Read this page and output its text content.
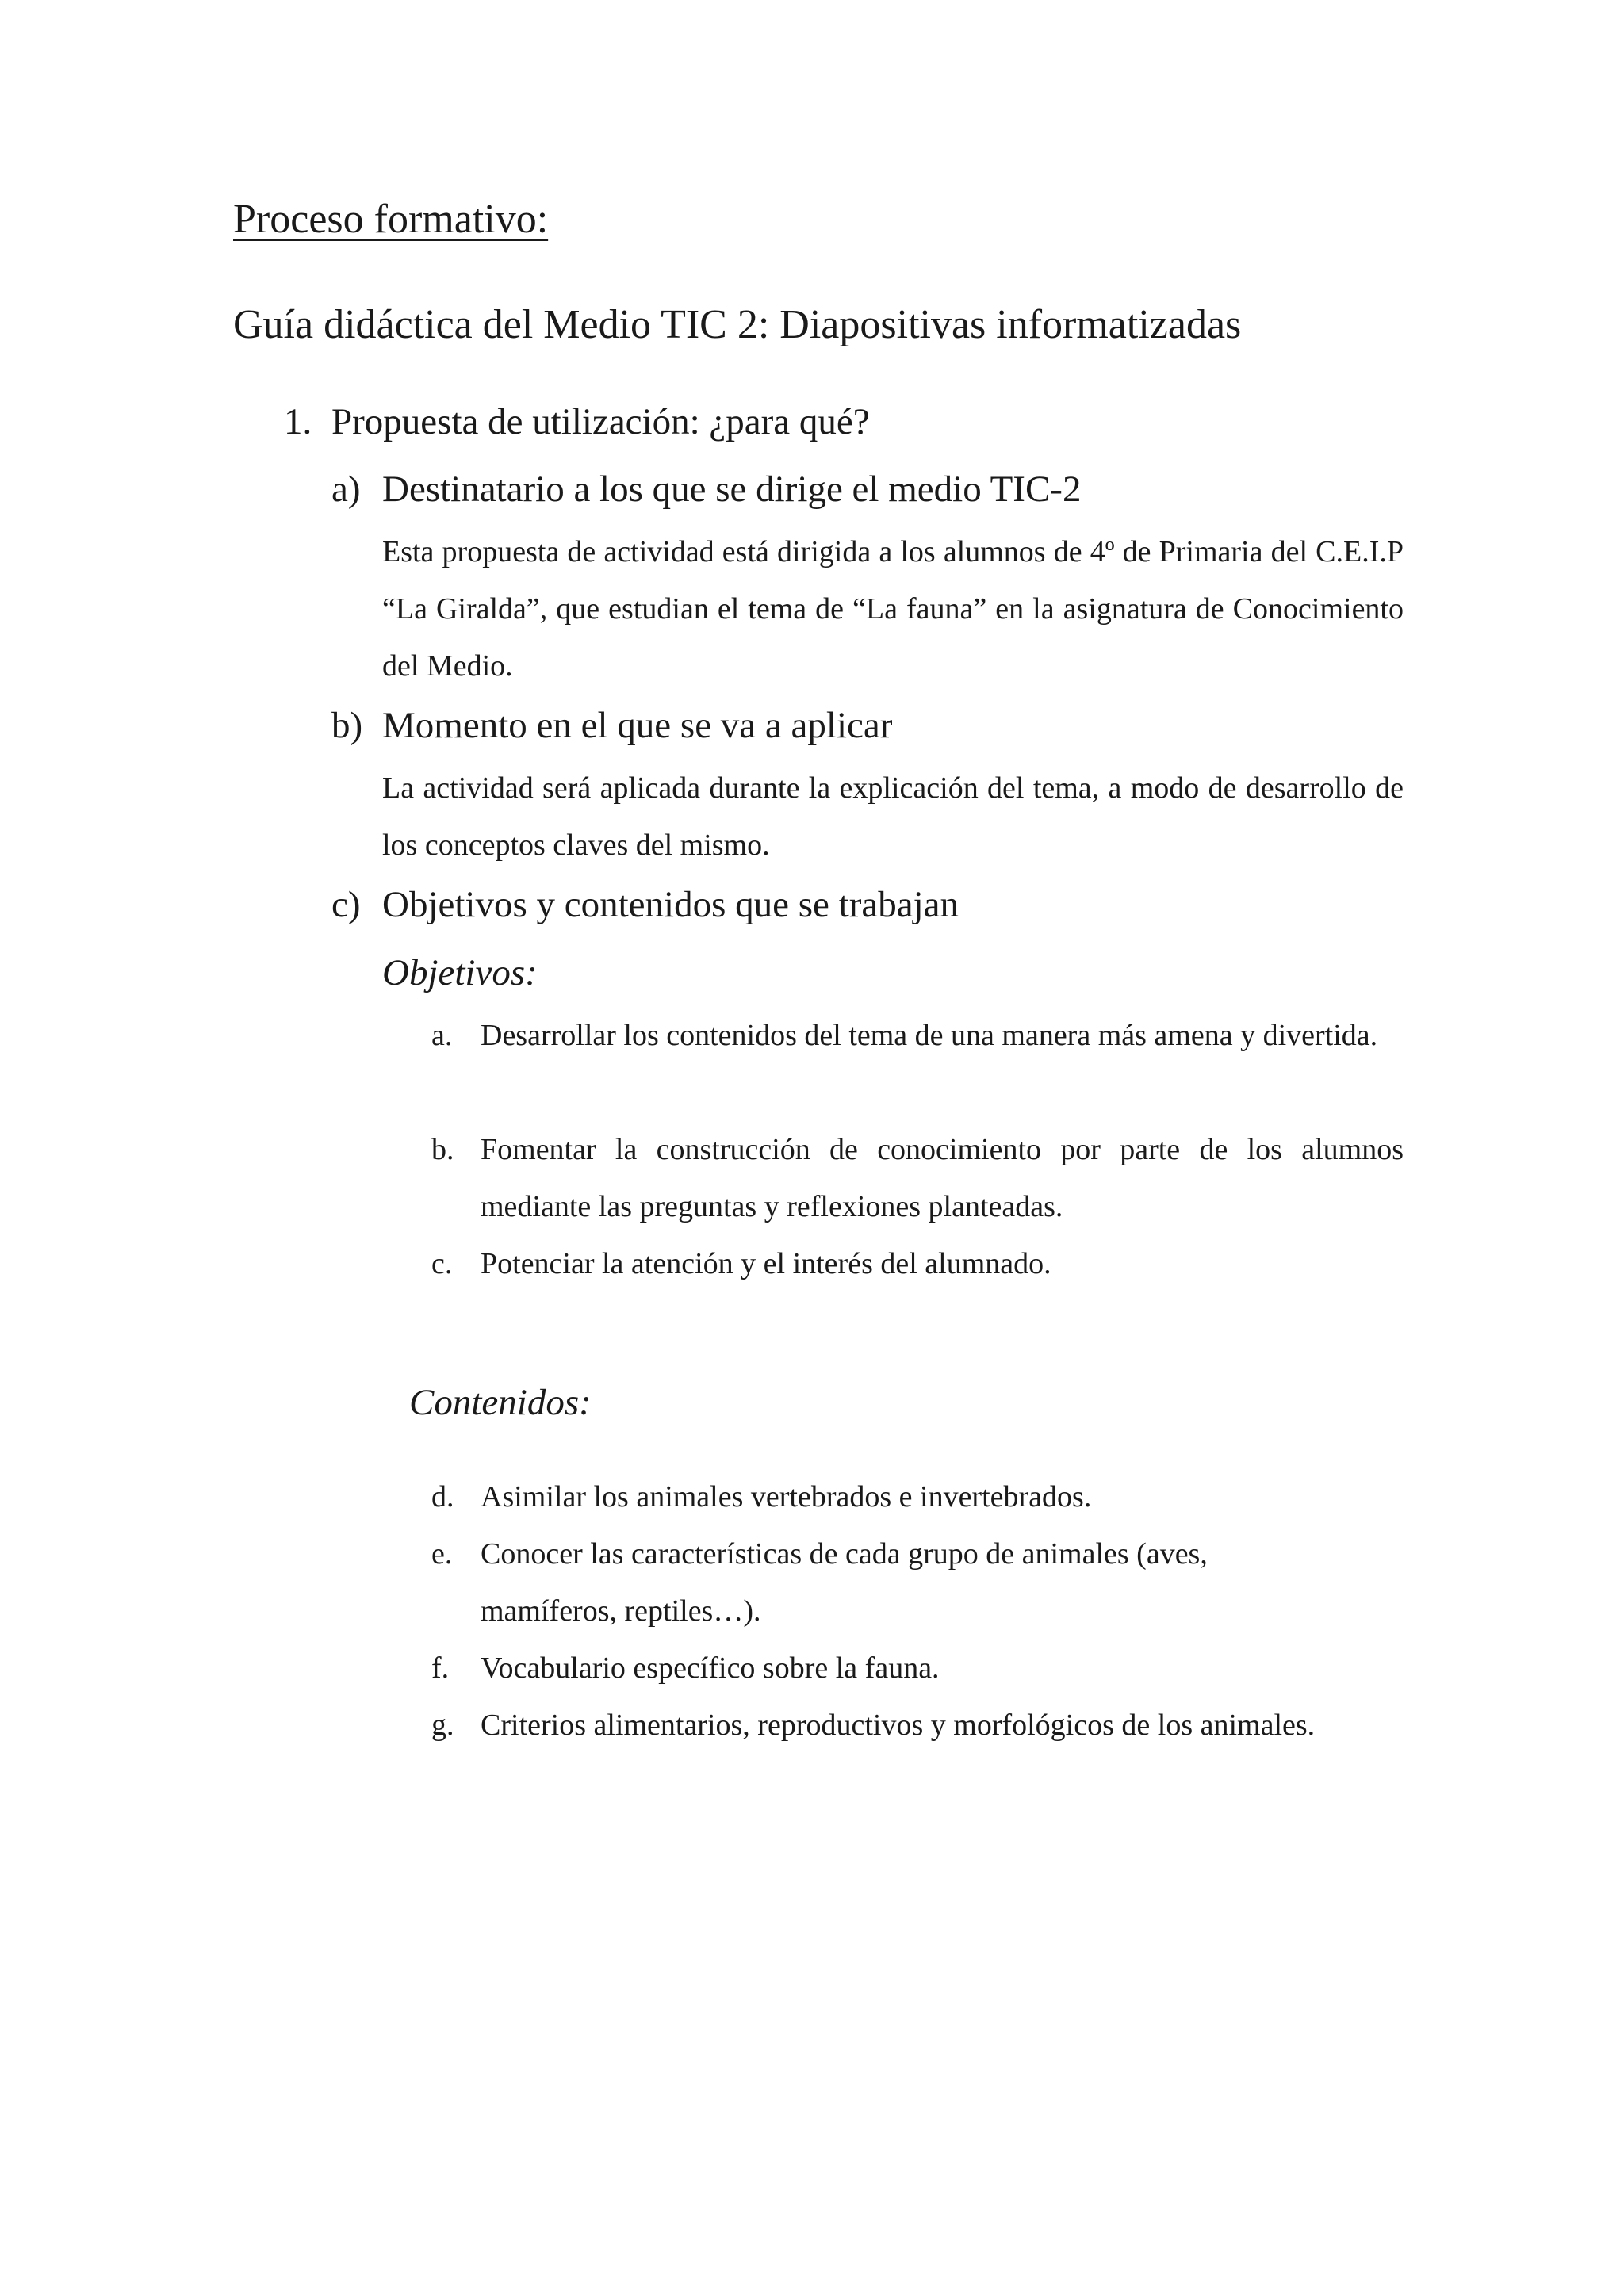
Proceso formativo:
Guía didáctica del Medio TIC 2: Diapositivas informatizadas
1. Propuesta de utilización: ¿para qué?
a) Destinatario a los que se dirige el medio TIC-2

Esta propuesta de actividad está dirigida a los alumnos de 4º de Primaria del C.E.I.P “La Giralda”, que estudian el tema de “La fauna” en la asignatura de Conocimiento del Medio.

b) Momento en el que se va a aplicar

La actividad será aplicada durante la explicación del tema, a modo de desarrollo de los conceptos claves del mismo.

c) Objetivos y contenidos que se trabajan
Objetivos:
a. Desarrollar los contenidos del tema de una manera más amena y divertida.
b. Fomentar la construcción de conocimiento por parte de los alumnos mediante las preguntas y reflexiones planteadas.
c. Potenciar la atención y el interés del alumnado.
Contenidos:
d. Asimilar los animales vertebrados e invertebrados.
e. Conocer las características de cada grupo de animales (aves, mamíferos, reptiles…).
f. Vocabulario específico sobre la fauna.
g. Criterios alimentarios, reproductivos y morfológicos de los animales.
